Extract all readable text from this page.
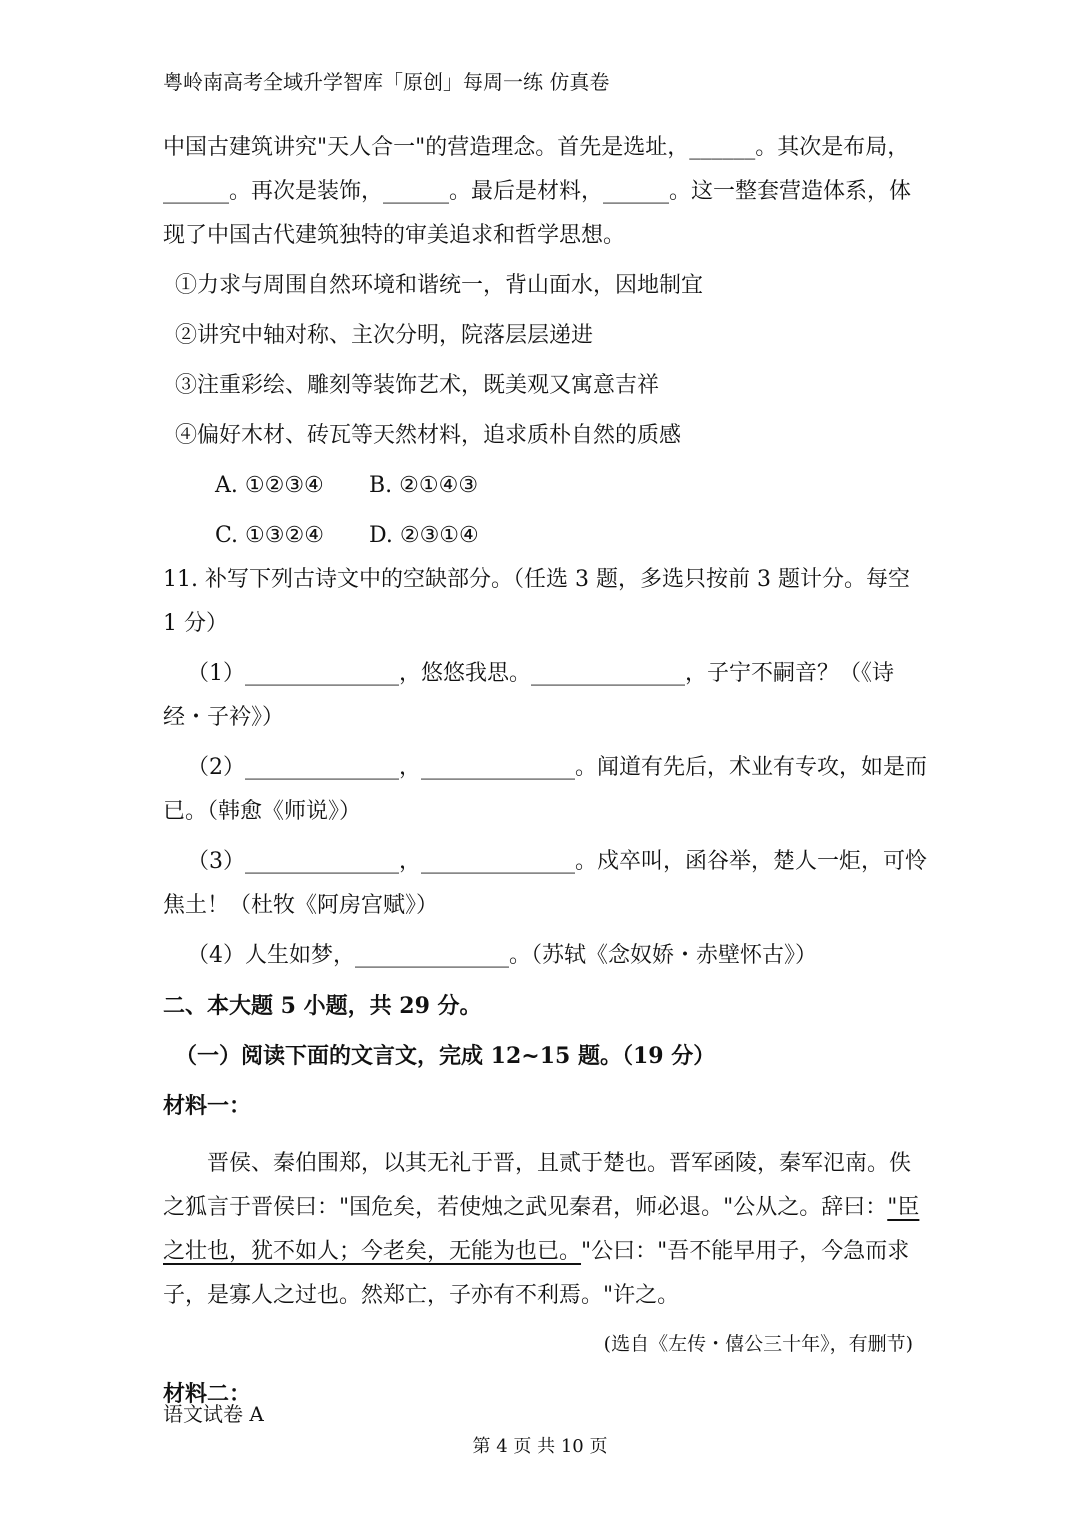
粤岭南高考全域升学智库「原创」每周一练 仿真卷
中国古建筑讲究"天人合一"的营造理念。首先是选址，______。其次是布局，
______。再次是装饰，______。最后是材料，______。这一整套营造体系，体
现了中国古代建筑独特的审美追求和哲学思想。
①力求与周围自然环境和谐统一，背山面水，因地制宜
②讲究中轴对称、主次分明，院落层层递进
③注重彩绘、雕刻等装饰艺术，既美观又寓意吉祥
④偏好木材、砖瓦等天然材料，追求质朴自然的质感
A. ①②③④ B. ②①④③
C. ①③②④ D. ②③①④
11. 补写下列古诗文中的空缺部分。（任选 3 题，多选只按前 3 题计分。每空
1 分）
（1）______________，悠悠我思。______________，子宁不嗣音？（《诗
经・子衿》）
（2）______________，______________。闻道有先后，术业有专攻，如是而
已。（韩愈《师说》）
（3）______________，______________。戍卒叫，函谷举，楚人一炬，可怜
焦土！（杜牧《阿房宫赋》）
（4）人生如梦，______________。（苏轼《念奴娇・赤壁怀古》）
二、本大题 5 小题，共 29 分。
（一）阅读下面的文言文，完成 12~15 题。（19 分）
材料一：
晋侯、秦伯围郑，以其无礼于晋，且贰于楚也。晋军函陵，秦军氾南。佚
之狐言于晋侯曰："国危矣，若使烛之武见秦君，师必退。"公从之。辞曰："臣
之壮也，犹不如人；今老矣，无能为也已。"公曰："吾不能早用子，今急而求
子，是寡人之过也。然郑亡，子亦有不利焉。"许之。
(选自《左传・僖公三十年》，有删节)
材料二：
语文试卷 A
第 4 页 共 10 页
